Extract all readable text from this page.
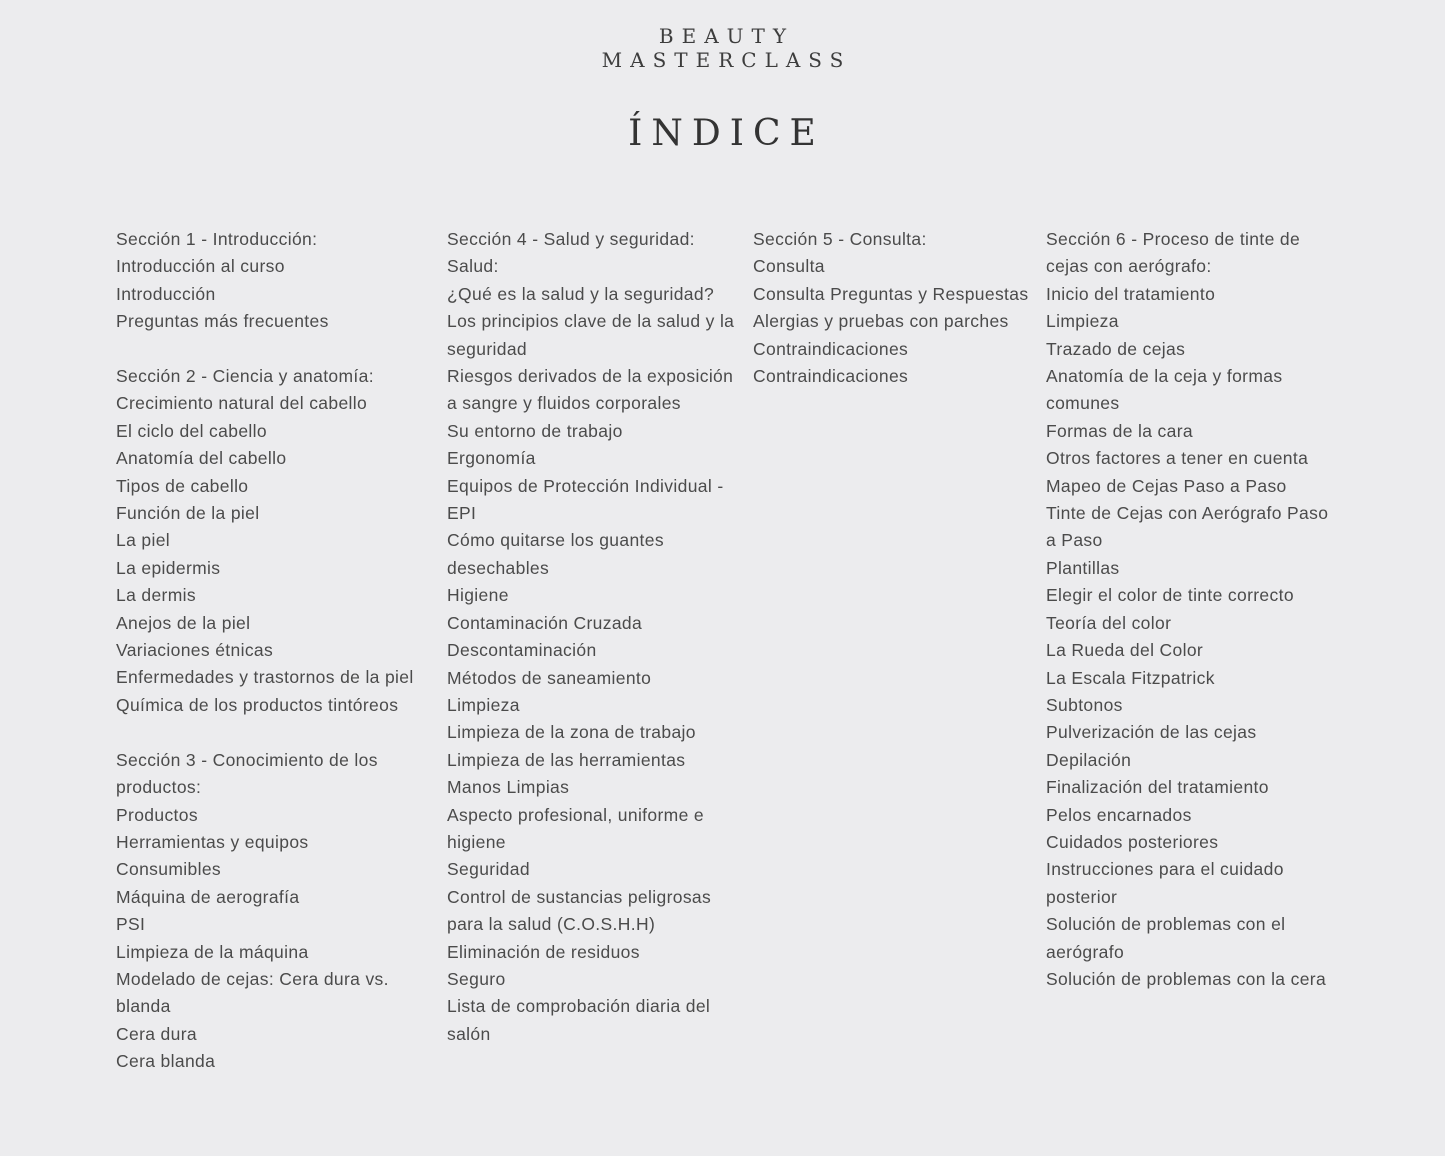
BEAUTY
MASTERCLASS
ÍNDICE
Sección 1 - Introducción:
Introducción al curso
Introducción
Preguntas más frecuentes
Sección 2 - Ciencia y anatomía:
Crecimiento natural del cabello
El ciclo del cabello
Anatomía del cabello
Tipos de cabello
Función de la piel
La piel
La epidermis
La dermis
Anejos de la piel
Variaciones étnicas
Enfermedades y trastornos de la piel
Química de los productos tintóreos
Sección 3 - Conocimiento de los productos:
Productos
Herramientas y equipos
Consumibles
Máquina de aerografía
PSI
Limpieza de la máquina
Modelado de cejas: Cera dura vs. blanda
Cera dura
Cera blanda
Sección 4 - Salud y seguridad:
Salud:
¿Qué es la salud y la seguridad?
Los principios clave de la salud y la seguridad
Riesgos derivados de la exposición a sangre y fluidos corporales
Su entorno de trabajo
Ergonomía
Equipos de Protección Individual - EPI
Cómo quitarse los guantes desechables
Higiene
Contaminación Cruzada
Descontaminación
Métodos de saneamiento
Limpieza
Limpieza de la zona de trabajo
Limpieza de las herramientas
Manos Limpias
Aspecto profesional, uniforme e higiene
Seguridad
Control de sustancias peligrosas para la salud (C.O.S.H.H)
Eliminación de residuos
Seguro
Lista de comprobación diaria del salón
Sección 5 - Consulta:
Consulta
Consulta Preguntas y Respuestas
Alergias y pruebas con parches
Contraindicaciones
Contraindicaciones
Sección 6 - Proceso de tinte de cejas con aerógrafo:
Inicio del tratamiento
Limpieza
Trazado de cejas
Anatomía de la ceja y formas comunes
Formas de la cara
Otros factores a tener en cuenta
Mapeo de Cejas Paso a Paso
Tinte de Cejas con Aerógrafo Paso a Paso
Plantillas
Elegir el color de tinte correcto
Teoría del color
La Rueda del Color
La Escala Fitzpatrick
Subtonos
Pulverización de las cejas
Depilación
Finalización del tratamiento
Pelos encarnados
Cuidados posteriores
Instrucciones para el cuidado posterior
Solución de problemas con el aerógrafo
Solución de problemas con la cera
